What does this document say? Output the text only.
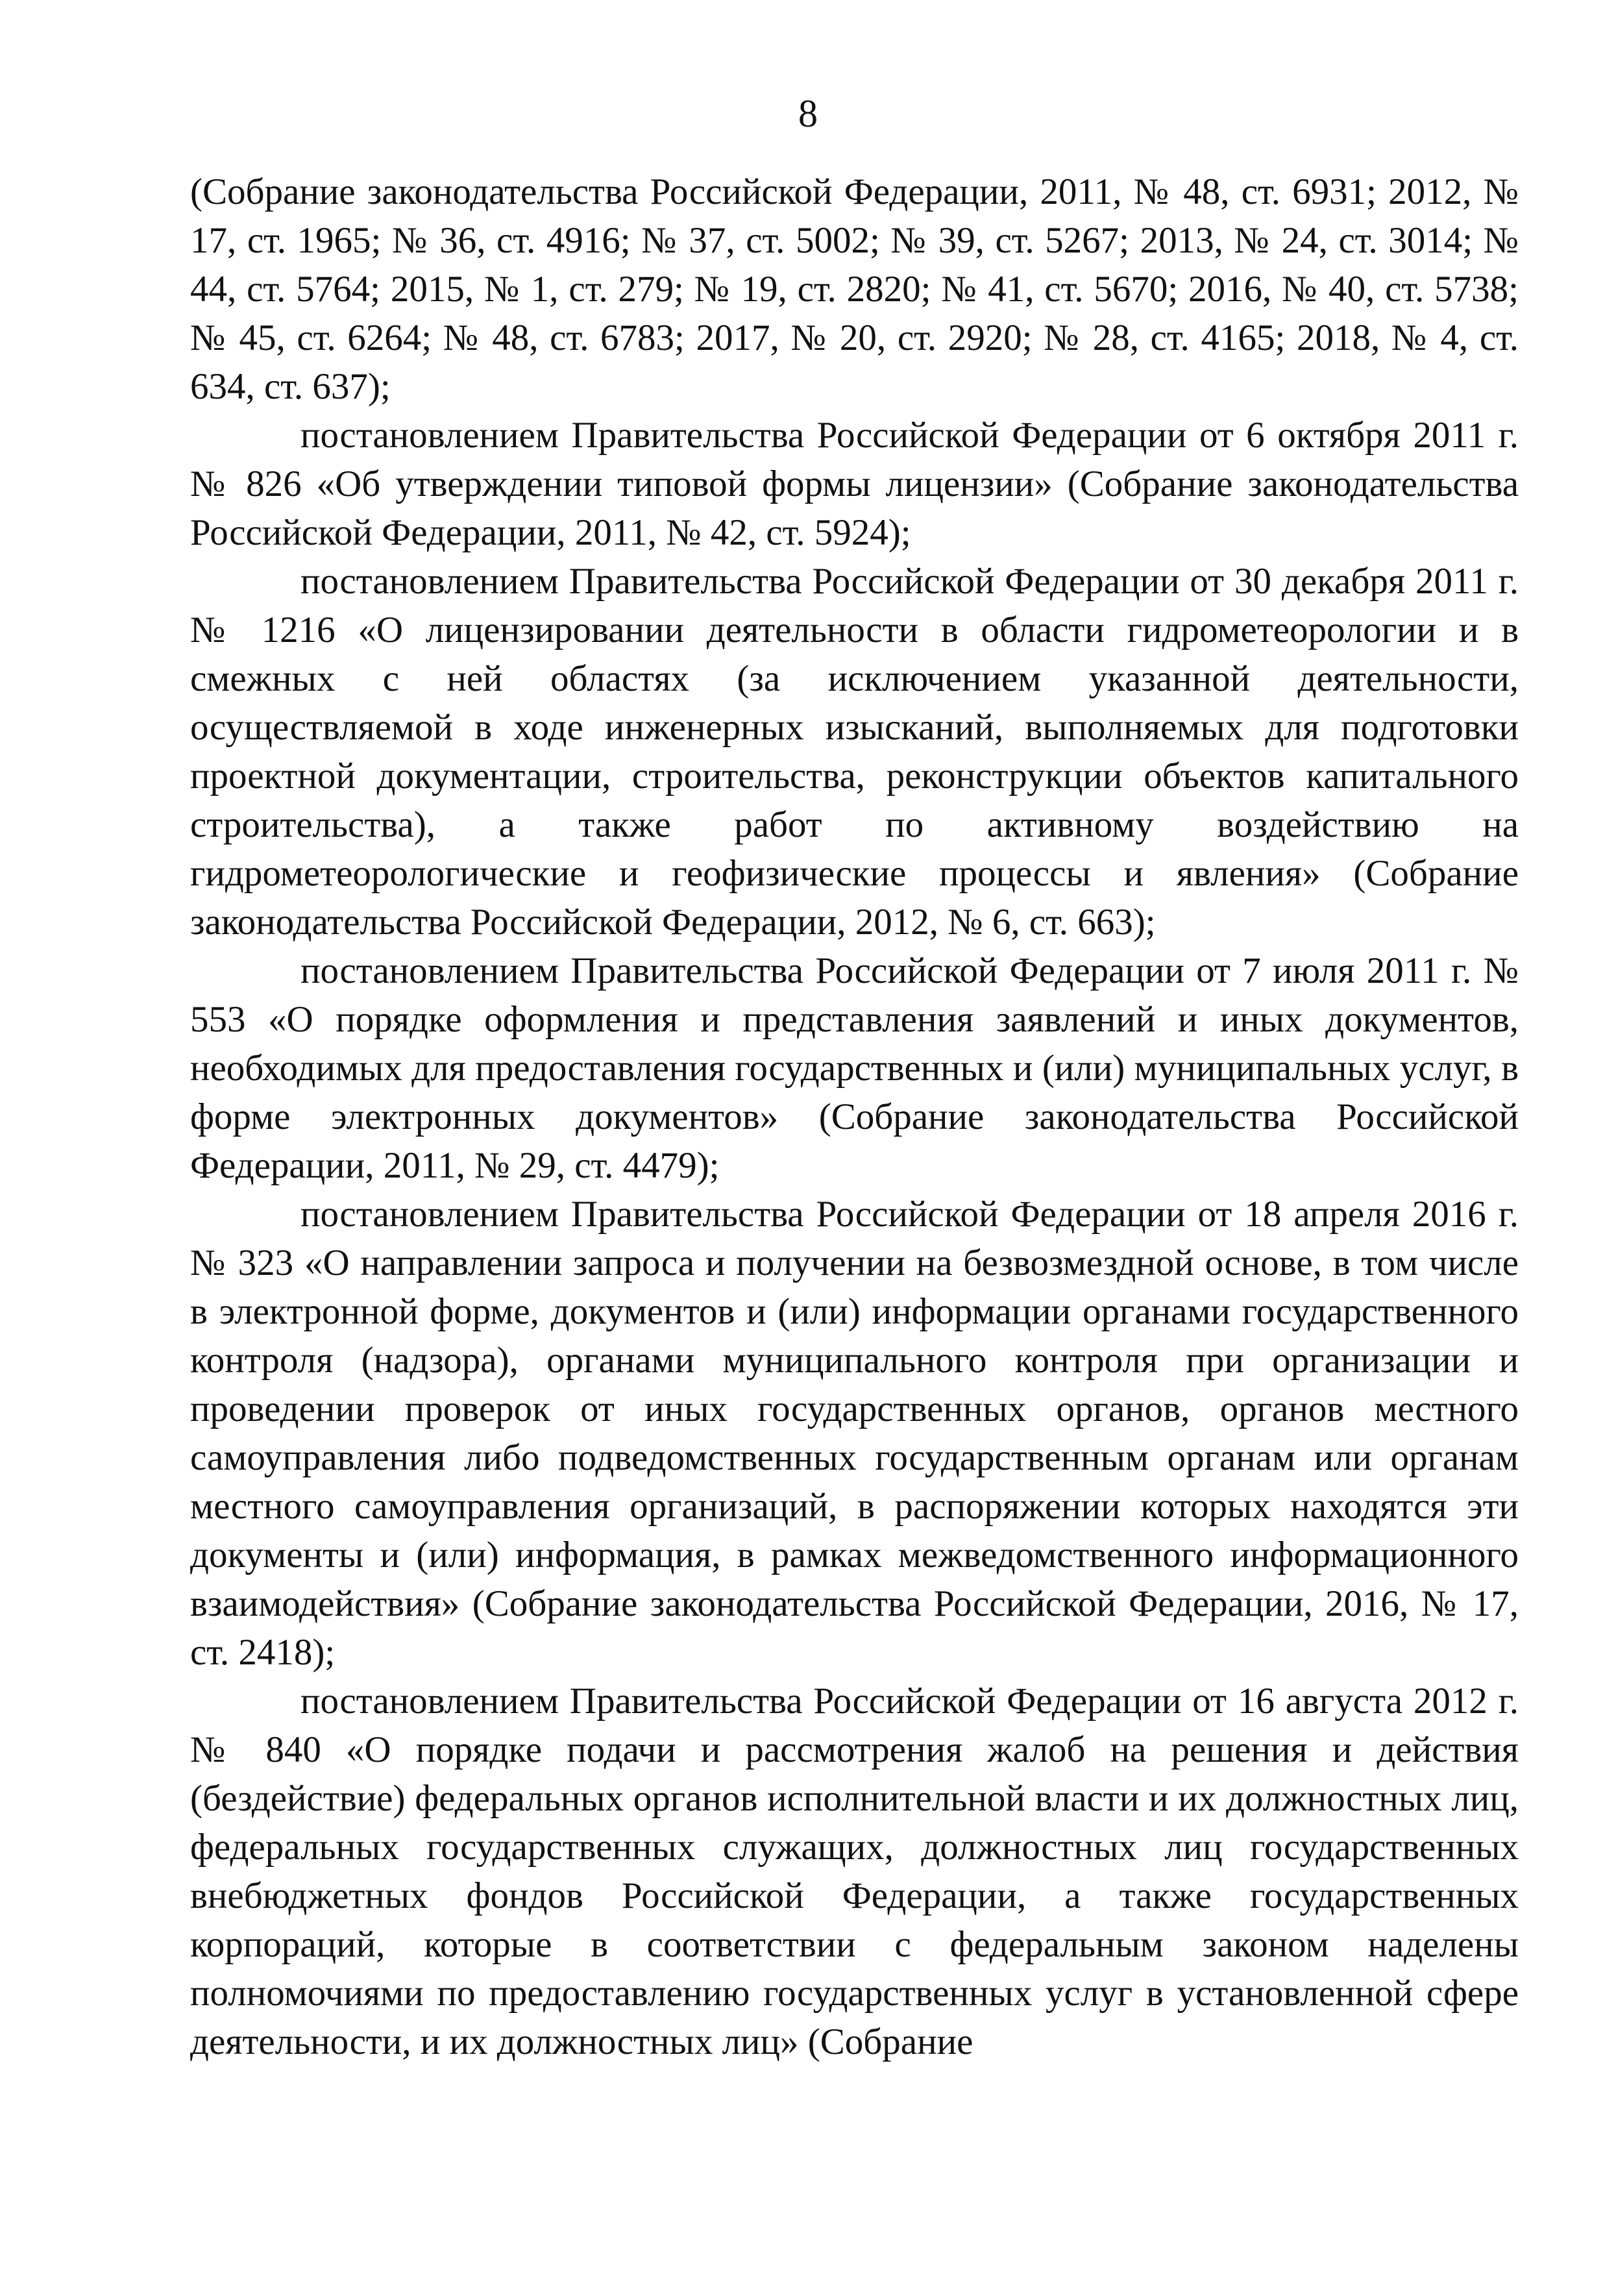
8

(Собрание законодательства Российской Федерации, 2011, № 48, ст. 6931; 2012, № 17, ст. 1965; № 36, ст. 4916; № 37, ст. 5002; № 39, ст. 5267; 2013, № 24, ст. 3014; № 44, ст. 5764; 2015, № 1, ст. 279; № 19, ст. 2820; № 41, ст. 5670; 2016, № 40, ст. 5738; № 45, ст. 6264; № 48, ст. 6783; 2017, № 20, ст. 2920; № 28, ст. 4165; 2018, № 4, ст. 634, ст. 637);

постановлением Правительства Российской Федерации от 6 октября 2011 г. № 826 «Об утверждении типовой формы лицензии» (Собрание законодательства Российской Федерации, 2011, № 42, ст. 5924);

постановлением Правительства Российской Федерации от 30 декабря 2011 г. № 1216 «О лицензировании деятельности в области гидрометеорологии и в смежных с ней областях (за исключением указанной деятельности, осуществляемой в ходе инженерных изысканий, выполняемых для подготовки проектной документации, строительства, реконструкции объектов капитального строительства), а также работ по активному воздействию на гидрометеорологические и геофизические процессы и явления» (Собрание законодательства Российской Федерации, 2012, № 6, ст. 663);

постановлением Правительства Российской Федерации от 7 июля 2011 г. № 553 «О порядке оформления и представления заявлений и иных документов, необходимых для предоставления государственных и (или) муниципальных услуг, в форме электронных документов» (Собрание законодательства Российской Федерации, 2011, № 29, ст. 4479);

постановлением Правительства Российской Федерации от 18 апреля 2016 г. № 323 «О направлении запроса и получении на безвозмездной основе, в том числе в электронной форме, документов и (или) информации органами государственного контроля (надзора), органами муниципального контроля при организации и проведении проверок от иных государственных органов, органов местного самоуправления либо подведомственных государственным органам или органам местного самоуправления организаций, в распоряжении которых находятся эти документы и (или) информация, в рамках межведомственного информационного взаимодействия» (Собрание законодательства Российской Федерации, 2016, № 17, ст. 2418);

постановлением Правительства Российской Федерации от 16 августа 2012 г. № 840 «О порядке подачи и рассмотрения жалоб на решения и действия (бездействие) федеральных органов исполнительной власти и их должностных лиц, федеральных государственных служащих, должностных лиц государственных внебюджетных фондов Российской Федерации, а также государственных корпораций, которые в соответствии с федеральным законом наделены полномочиями по предоставлению государственных услуг в установленной сфере деятельности, и их должностных лиц» (Собрание
